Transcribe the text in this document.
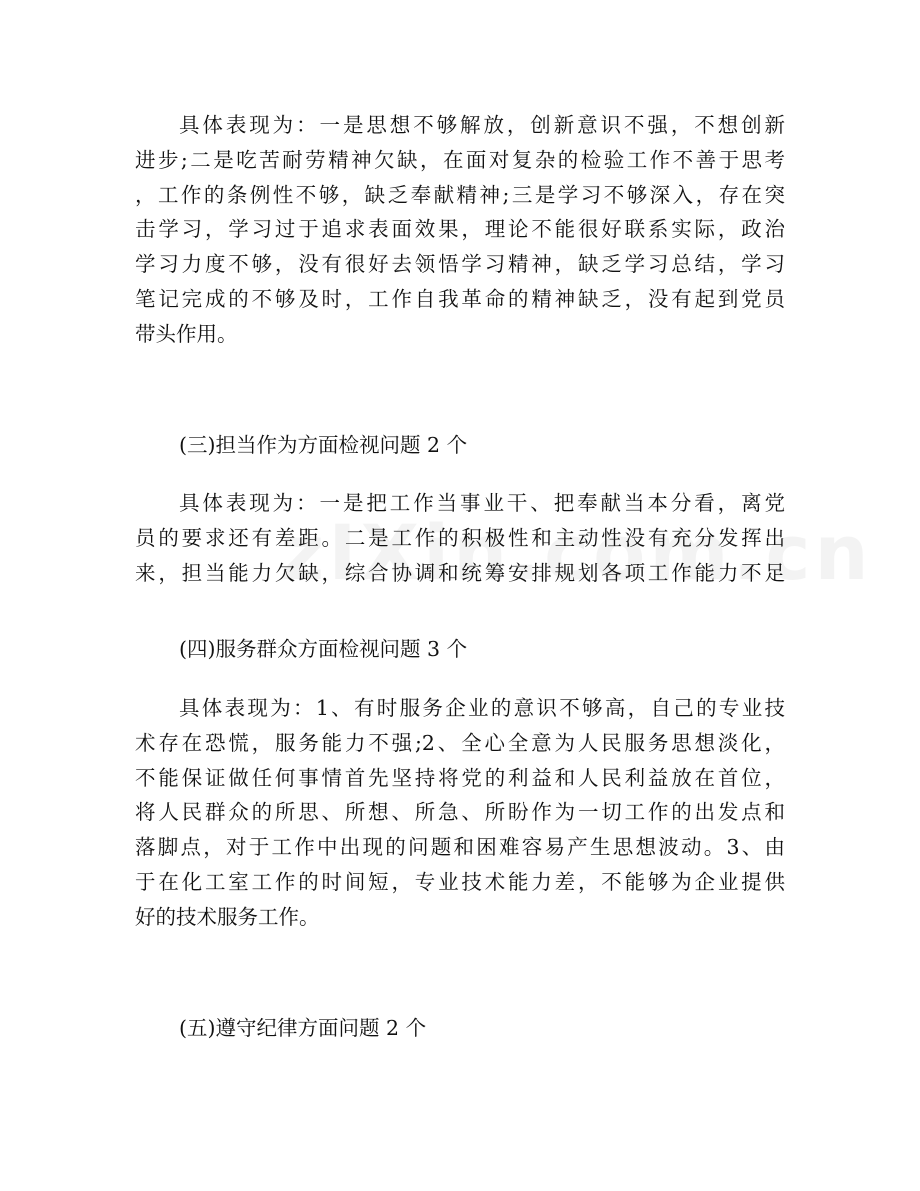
具体表现为：一是思想不够解放，创新意识不强，不想创新
进步;二是吃苦耐劳精神欠缺，在面对复杂的检验工作不善于思考
，工作的条例性不够，缺乏奉献精神;三是学习不够深入，存在突
击学习，学习过于追求表面效果，理论不能很好联系实际，政治
学习力度不够，没有很好去领悟学习精神，缺乏学习总结，学习
笔记完成的不够及时，工作自我革命的精神缺乏，没有起到党员
带头作用。
(三)担当作为方面检视问题 2 个
具体表现为：一是把工作当事业干、把奉献当本分看，离党
员的要求还有差距。二是工作的积极性和主动性没有充分发挥出
来，担当能力欠缺，综合协调和统筹安排规划各项工作能力不足
(四)服务群众方面检视问题 3 个
具体表现为：1、有时服务企业的意识不够高，自己的专业技
术存在恐慌，服务能力不强;2、全心全意为人民服务思想淡化，
不能保证做任何事情首先坚持将党的利益和人民利益放在首位，
将人民群众的所思、所想、所急、所盼作为一切工作的出发点和
落脚点，对于工作中出现的问题和困难容易产生思想波动。3、由
于在化工室工作的时间短，专业技术能力差，不能够为企业提供
好的技术服务工作。
(五)遵守纪律方面问题 2 个
